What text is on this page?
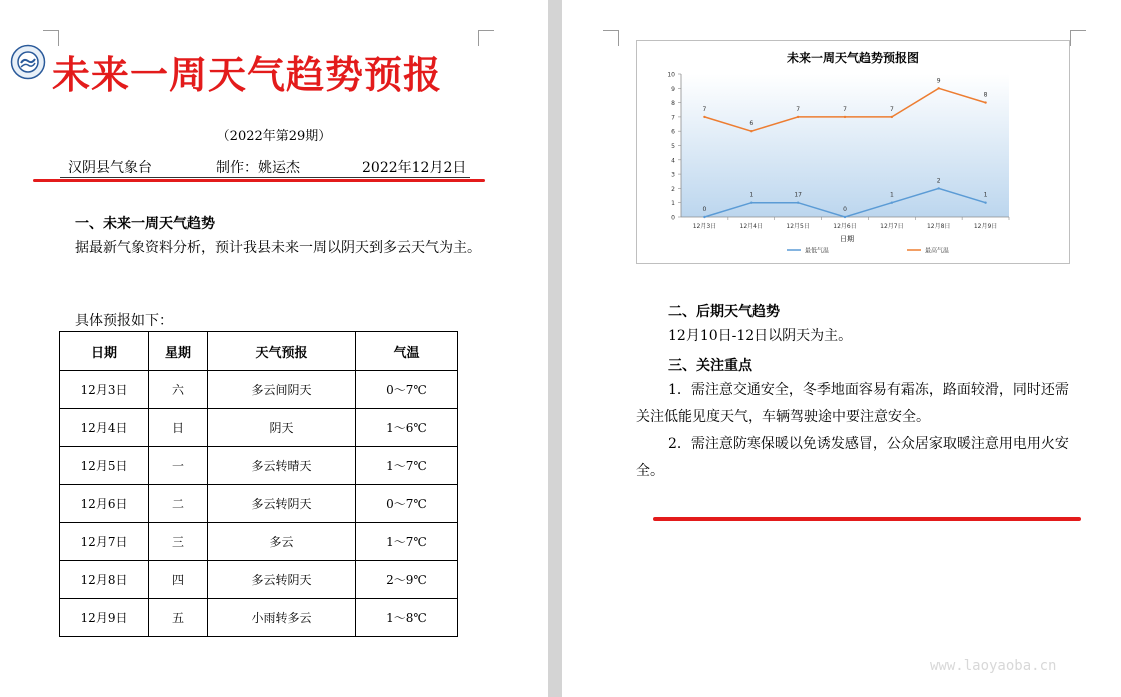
未来一周天气趋势预报
（2022年第29期）
汉阴县气象台	制作：姚运杰	2022年12月2日
一、未来一周天气趋势
据最新气象资料分析，预计我县未来一周以阴天到多云天气为主。
具体预报如下：
日期	星期	天气预报	气温
12月3日	六	多云间阴天	0～7℃
12月4日	日	阴天	1～6℃
12月5日	一	多云转晴天	1～7℃
12月6日	二	多云转阴天	0～7℃
12月7日	三	多云	1～7℃
12月8日	四	多云转阴天	2～9℃
12月9日	五	小雨转多云	1～8℃
未来一周天气趋势预报图
日期
最低气温	最高气温
0
1
2
3
4
5
6
7
8
9
10
12月3日	12月4日	12月5日	12月6日	12月7日	12月8日	12月9日
0
1	17
0
1
2
1
7
6
7	7	7
9
8
二、后期天气趋势
12月10日-12日以阴天为主。
三、关注重点
1．需注意交通安全，冬季地面容易有霜冻，路面较滑，同时还需关注低能见度天气，车辆驾驶途中要注意安全。
2．需注意防寒保暖以免诱发感冒，公众居家取暖注意用电用火安全。
www.laoyaoba.cn
